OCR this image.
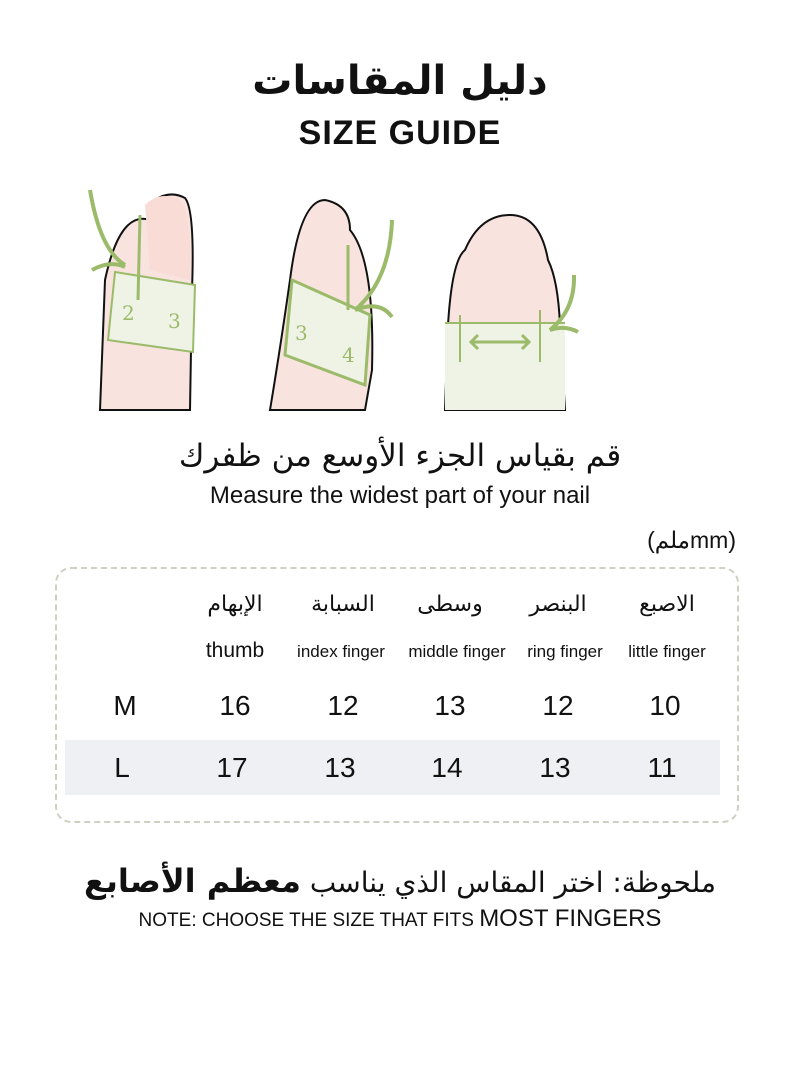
دليل المقاسات
SIZE GUIDE
2 3	3
4
قم بقياس الجزء الأوسع من ظفرك
Measure the widest part of your nail
(ملمmm)
الإبهام	السبابة	وسطى	البنصر	الاصبع
thumb	index finger	middle finger	ring finger	little finger
M	16	12	13	12	10
L	17	13	14	13	11
ملحوظة: اختر المقاس الذي يناسب معظم الأصابع
NOTE: CHOOSE THE SIZE THAT FITS MOST FINGERS
